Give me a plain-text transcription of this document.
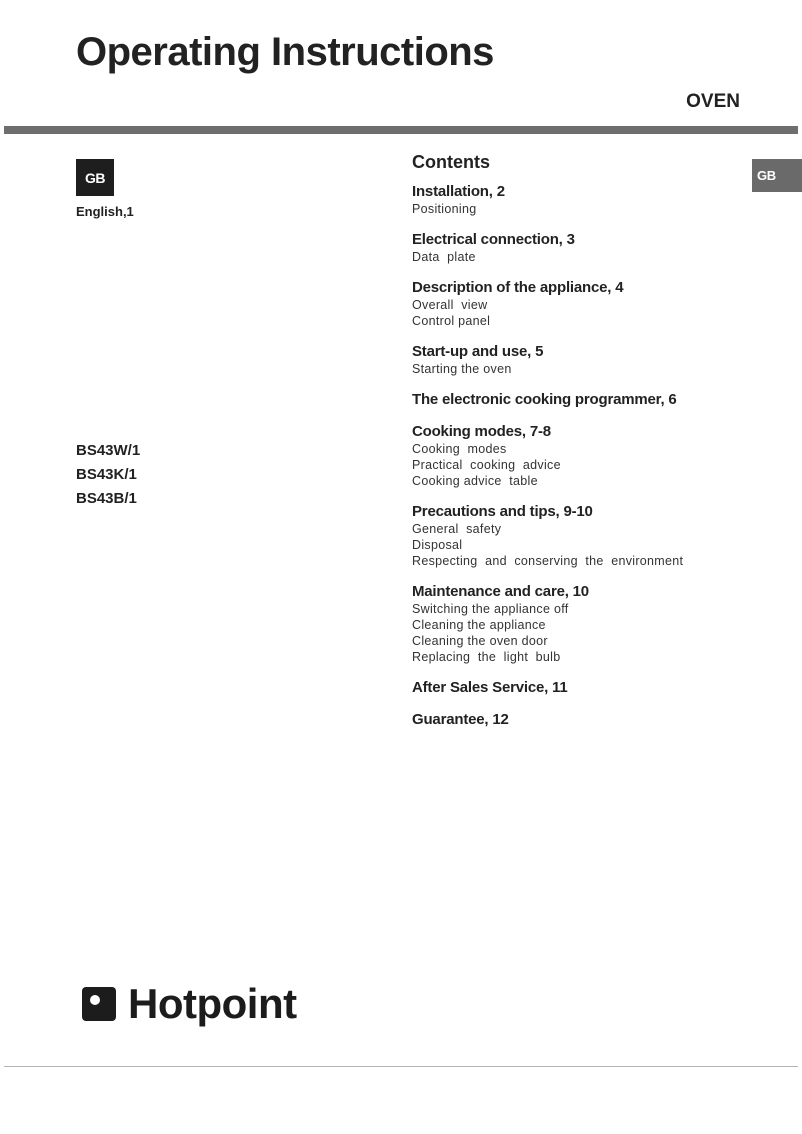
Operating Instructions
OVEN
GB
English,1
GB
BS43W/1
BS43K/1
BS43B/1
Contents
Installation, 2
Positioning
Electrical connection, 3
Data  plate
Description of the appliance, 4
Overall  view
Control panel
Start-up and use, 5
Starting the oven
The electronic cooking programmer, 6
Cooking modes, 7-8
Cooking  modes
Practical  cooking  advice
Cooking advice  table
Precautions and tips, 9-10
General  safety
Disposal
Respecting  and  conserving  the  environment
Maintenance and care, 10
Switching the appliance off
Cleaning the appliance
Cleaning the oven door
Replacing  the  light  bulb
After Sales Service, 11
Guarantee, 12
Hotpoint
